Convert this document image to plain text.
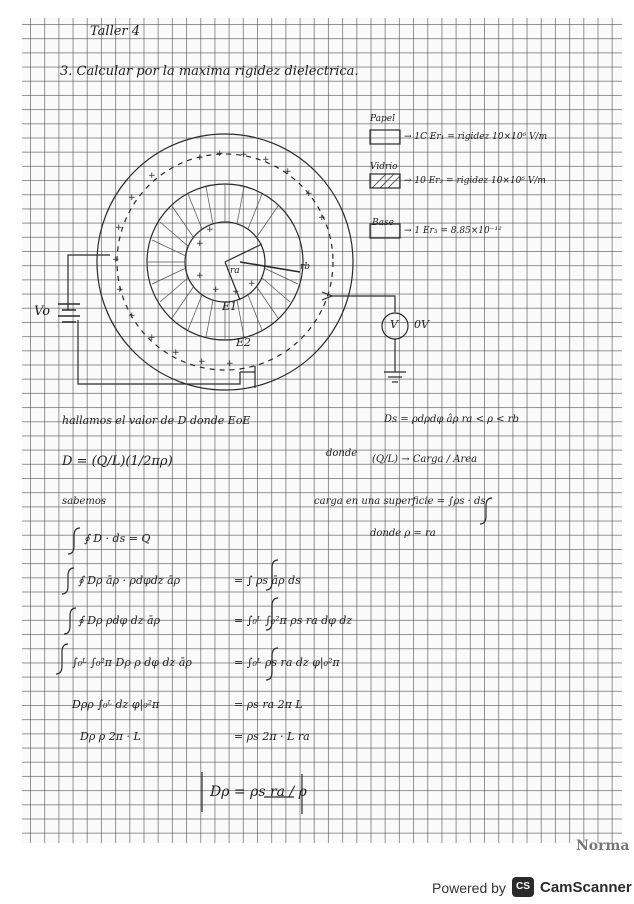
+ + + +
+
+
+
+
+
+
+
+
+
+
+
+ +
+
+
+ +
+
+
Taller 4
3. Calcular por la maxima rigidez dielectrica.
Papel
→ 1C Er₁ = rigidez 10×10⁶ V/m
Vidrio
→ 10 Er₂ = rigidez 10×10⁶ V/m
Base
→ 1 Er₃ = 8.85×10⁻¹²
E1
E2
ra	rb
Vo
V 0V
hallamos el valor de D donde EoE	Ds = ρdρdφ âρ ra < ρ < rb
D = (Q/L)(1/2πρ)
donde
(Q/L) → Carga / Area
sabemos	carga en una superficie = ∫ρs · ds
∮ D · ds = Q	donde ρ = ra
∮ Dρ āρ · ρdφdz āρ	= ∫ ρs āρ ds
∮ Dρ ρdφ dz āρ	= ∫₀ᴸ ∫₀²π ρs ra dφ dz
∫₀ᴸ ∫₀²π Dρ ρ dφ dz āρ	= ∫₀ᴸ ρs ra dz φ|₀²π
Dρρ ∫₀ᴸ dz φ|₀²π	= ρs ra 2π L
Dρ ρ 2π · L	= ρs 2π · L ra
Dρ = ρs ra / ρ
Norma
Powered by	CS CamScanner
